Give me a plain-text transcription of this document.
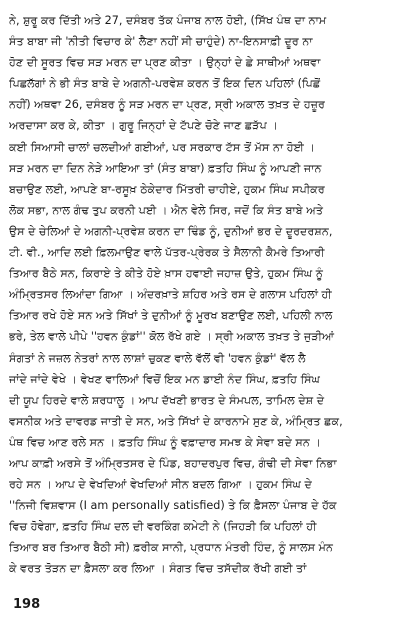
ਨੇ, ਸ਼ੁਰੂ ਕਰ ਦਿੱਤੀ ਅਤੇ 27, ਦਸੰਬਰ ਤੱਕ ਪੰਜਾਬ ਨਾਲ ਹੋਈ, (ਸਿੱਖ ਪੰਥ ਦਾ ਨਾਮ
ਸੰਤ ਬਾਬਾ ਜੀ 'ਨੀਤੀ ਵਿਚਾਰ ਕੇ' ਲੈਣਾ ਨਹੀਂ ਸੀ ਚਾਹੁੰਦੇ) ਨਾ-ਇਨਸਾਫ਼ੀ ਦੂਰ ਨਾ
ਹੋਣ ਦੀ ਸੂਰਤ ਵਿਚ ਸੜ ਮਰਨ ਦਾ ਪ੍ਰਣ ਕੀਤਾ । ਉਨ੍ਹਾਂ ਦੇ ਛੇ ਸਾਥੀਆਂ ਅਥਵਾ
ਪਿਛਲੱਗਾਂ ਨੇ ਭੀ ਸੰਤ ਬਾਬੇ ਦੇ ਅਗਨੀ-ਪਰਵੇਸ਼ ਕਰਨ ਤੋਂ ਇਕ ਦਿਨ ਪਹਿਲਾਂ (ਪਿਛੋਂ
ਨਹੀਂ) ਅਥਵਾ 26, ਦਸੰਬਰ ਨੂੰ ਸੜ ਮਰਨ ਦਾ ਪ੍ਰਣ, ਸ੍ਰੀ ਅਕਾਲ ਤਖ਼ਤ ਦੇ ਹਜ਼ੂਰ
ਅਰਦਾਸਾ ਕਰ ਕੇ, ਕੀਤਾ । ਗੁਰੂ ਜਿਨ੍ਹਾਂ ਦੇ ਟੱਪਣੇ ਚੋਣੇ ਜਾਣ ਛੜੱਪ ।
ਕਈ ਸਿਆਸੀ ਚਾਲਾਂ ਚਲਦੀਆਂ ਗਈਆਂ, ਪਰ ਸਰਕਾਰ ਟੱਸ ਤੋਂ ਮੱਸ ਨਾ ਹੋਈ ।
ਸੜ ਮਰਨ ਦਾ ਦਿਨ ਨੇੜੇ ਆਇਆ ਤਾਂ (ਸੰਤ ਬਾਬਾ) ਫ਼ਤਹਿ ਸਿੰਘ ਨੂੰ ਆਪਣੀ ਜਾਨ
ਬਚਾਉਣ ਲਈ, ਆਪਣੇ ਬਾ-ਰਸੂਖ਼ ਠੇਕੇਦਾਰ ਮਿੱਤਰੀ ਚਾਹੀਏ, ਹੁਕਮ ਸਿੰਘ ਸਪੀਕਰ
ਲੋਕ ਸਭਾ, ਨਾਲ ਗੰਢ ਤੁਪ ਕਰਨੀ ਪਈ । ਐਨ ਵੇਲੇ ਸਿਰ, ਜਦੋਂ ਕਿ ਸੰਤ ਬਾਬੇ ਅਤੇ
ਉਸ ਦੇ ਚੇਲਿਆਂ ਦੇ ਅਗਨੀ-ਪ੍ਰਵੇਸ਼ ਕਰਨ ਦਾ ਢਿੰਡ ਨੂੰ, ਦੁਨੀਆਂ ਭਰ ਦੇ ਦੂਰਦਰਸ਼ਨ,
ਟੀ. ਵੀ., ਆਦਿ ਲਈ ਫ਼ਿਲਮਾਉਣ ਵਾਲੇ ਪੱਤਰ-ਪ੍ਰੇਰਕ ਤੇ ਸੈਲਾਨੀ ਕੈਮਰੇ ਤਿਆਰੀ
ਤਿਆਰ ਬੈਠੇ ਸਨ, ਕਿਰਾਏ ਤੇ ਕੀਤੇ ਹੋਏ ਖ਼ਾਸ ਹਵਾਈ ਜਹਾਜ਼ ਉਤੇ, ਹੁਕਮ ਸਿੰਘ ਨੂੰ
ਅੰਮ੍ਰਿਤਸਰ ਲਿਆਂਦਾ ਗਿਆ । ਅੰਦਰਖ਼ਾਤੇ ਸ਼ਹਿਰ ਅਤੇ ਰਸ ਦੇ ਗਲਾਸ ਪਹਿਲਾਂ ਹੀ
ਤਿਆਰ ਰਖੇ ਹੋਏ ਸਨ ਅਤੇ ਸਿੱਖਾਂ ਤੇ ਦੁਨੀਆਂ ਨੂੰ ਮੂਰਖ ਬਣਾਉਣ ਲਈ, ਪਹਿਲੀ ਨਾਲ
ਭਰੇ, ਤੇਲ ਵਾਲੇ ਪੀਪੇ ''ਹਵਨ ਕੁੰਡਾਂ'' ਕੋਲ ਰੱਖੇ ਗਏ । ਸ੍ਰੀ ਅਕਾਲ ਤਖ਼ਤ ਤੇ ਜੁੜੀਆਂ
ਸੰਗਤਾਂ ਨੇ ਜਜ਼ਲ ਨੇਤਰਾਂ ਨਾਲ ਲਾਸ਼ਾਂ ਚੁਕਣ ਵਾਲੇ ਵੱਲੋਂ ਵੀ 'ਹਵਨ ਕੁੰਡਾਂ' ਵੱਲ ਲੈ
ਜਾਂਦੇ ਜਾਂਦੇ ਵੇਖੇ । ਵੇਖਣ ਵਾਲਿਆਂ ਵਿਚੋਂ ਇਕ ਮਨ ਡਾਈ ਨੰਦ ਸਿੰਘ, ਫ਼ਤਹਿ ਸਿੰਘ
ਦੀ ਯੂਪ ਹਿਰਦੇ ਵਾਲੇ ਸ਼ਰਧਾਲੂ । ਆਪ ਦੱਖਣੀ ਭਾਰਤ ਦੇ ਸੰਮਪਲ, ਤਾਮਿਲ ਦੇਸ਼ ਦੇ
ਵਸਨੀਕ ਅਤੇ ਦਾਵਰਡ ਜਾਤੀ ਦੇ ਸਨ, ਅਤੇ ਸਿੱਖਾਂ ਦੇ ਕਾਰਨਾਮੇ ਸੁਣ ਕੇ, ਅੰਮ੍ਰਿਤ ਛਕ,
ਪੰਥ ਵਿਚ ਆਣ ਰਲੇ ਸਨ । ਫ਼ਤਹਿ ਸਿੰਘ ਨੂੰ ਵਫ਼ਾਦਾਰ ਸਮਝ ਕੇ ਸੇਵਾ ਬਦੇ ਸਨ ।
ਆਪ ਕਾਫ਼ੀ ਅਰਸੇ ਤੋਂ ਅੰਮ੍ਰਿਤਸਰ ਦੇ ਪਿੰਡ, ਬਹਾਦਰਪੁਰ ਵਿਚ, ਗੰਢੀ ਦੀ ਸੇਵਾ ਨਿਭਾ
ਰਹੇ ਸਨ । ਆਪ ਦੇ ਵੇਖਦਿਆਂ ਵੇਖਦਿਆਂ ਸੀਨ ਬਦਲ ਗਿਆ । ਹੁਕਮ ਸਿੰਘ ਦੇ
''ਨਿਜੀ ਵਿਸ਼ਵਾਸ (I am personally satisfied) ਤੇ ਕਿ ਫ਼ੈਸਲਾ ਪੰਜਾਬ ਦੇ ਹੱਕ
ਵਿਚ ਹੋਵੇਗਾ, ਫ਼ਤਹਿ ਸਿੰਘ ਦਲ ਦੀ ਵਰਕਿੰਗ ਕਮੇਟੀ ਨੇ (ਜਿਹੜੀ ਕਿ ਪਹਿਲਾਂ ਹੀ
ਤਿਆਰ ਬਰ ਤਿਆਰ ਬੈਠੀ ਸੀ) ਫ਼ਰੀਕ ਸਾਨੀ, ਪ੍ਰਧਾਨ ਮੰਤਰੀ ਹਿੰਦ, ਨੂੰ ਸਾਲਸ ਮੰਨ
ਕੇ ਵਰਤ ਤੋੜਨ ਦਾ ਫ਼ੈਸਲਾ ਕਰ ਲਿਆ । ਸੰਗਤ ਵਿਚ ਤਸੱਦੀਕ ਰੱਖੀ ਗਈ ਤਾਂ
198
